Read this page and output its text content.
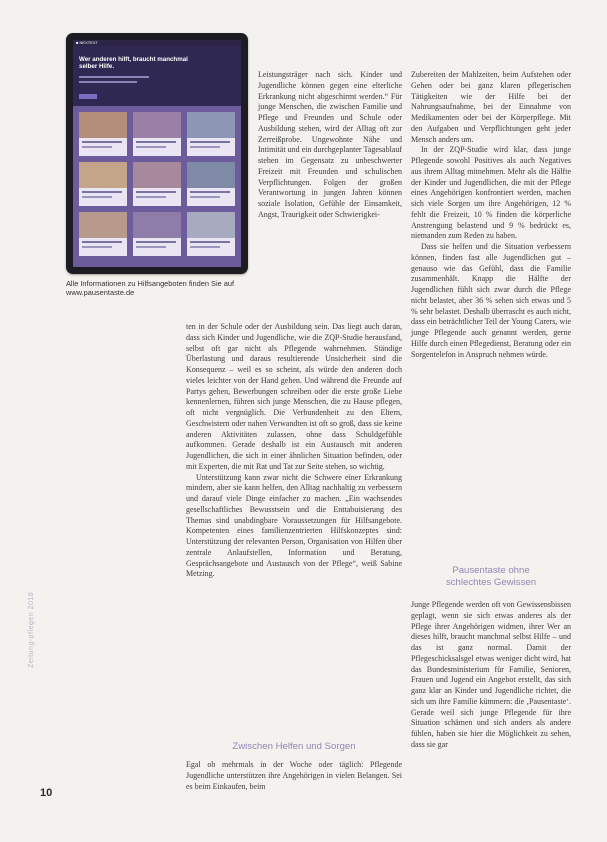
■ NEXTEXT
Wer anderen hilft, braucht manchmal selber Hilfe.
Alle Informationen zu Hilfsangeboten finden Sie auf www.pausentaste.de

Leistungsträger nach sich. Kinder und Jugendliche können gegen eine elterliche Erkrankung nicht abgeschirmt werden.“ Für junge Menschen, die zwischen Familie und Pflege und Freunden und Schule oder Ausbildung stehen, wird der Alltag oft zur Zerreißprobe. Ungewohnte Nähe und Intimität und ein durchgeplanter Tagesablauf stehen im Gegensatz zu unbeschwerter Freizeit mit Freunden und schulischen Verpflichtungen. Folgen der großen Verantwortung in jungen Jahren können soziale Isolation, Gefühle der Einsamkeit, Angst, Traurigkeit oder Schwierigkei-

ten in der Schule oder der Ausbildung sein. Das liegt auch daran, dass sich Kinder und Jugendliche, wie die ZQP-Studie herausfand, selbst oft gar nicht als Pflegende wahrnehmen. Ständige Überlastung und daraus resultierende Unsicherheit sind die Konsequenz – weil es so scheint, als würde den anderen doch vieles leichter von der Hand gehen. Und während die Freunde auf Partys gehen, Bewerbungen schreiben oder die erste große Liebe kennenlernen, führen sich junge Menschen, die zu Hause pflegen, oft nicht vergnüglich. Die Verbundenheit zu den Eltern, Geschwistern oder nahen Verwandten ist oft so groß, dass sie keine anderen Aktivitäten zulassen, ohne dass Schuldgefühle aufkommen. Gerade deshalb ist ein Austausch mit anderen Jugendlichen, die sich in einer ähnlichen Situation befinden, oder mit Experten, die mit Rat und Tat zur Seite stehen, so wichtig.

Unterstützung kann zwar nicht die Schwere einer Erkrankung mindern, aber sie kann helfen, den Alltag nachhaltig zu verbessern und darauf viele Dinge einfacher zu machen. „Ein wachsendes gesellschaftliches Bewusstsein und die Enttabuisierung des Themas sind unabdingbare Voraussetzungen für Hilfsangebote. Kompetenten eines familienzentrierten Hilfskonzeptes sind: Unterstützung der relevanten Person, Organisation von Hilfen über zentrale Anlaufstellen, Information und Beratung, Gesprächsangebote und Austausch von der Pflege“, weiß Sabine Metzing.

Zwischen Helfen und Sorgen

Egal ob mehrmals in der Woche oder täglich: Pflegende Jugendliche unterstützen ihre Angehörigen in vielen Belangen. Sei es beim Einkaufen, beim

Zubereiten der Mahlzeiten, beim Aufstehen oder Gehen oder bei ganz klaren pflegerischen Tätigkeiten wie der Hilfe bei der Nahrungsaufnahme, bei der Einnahme von Medikamenten oder bei der Körperpflege. Mit den Aufgaben und Verpflichtungen geht jeder Mensch anders um.

In der ZQP-Studie wird klar, dass junge Pflegende sowohl Positives als auch Negatives aus ihrem Alltag mitnehmen. Mehr als die Hälfte der Kinder und Jugendlichen, die mit der Pflege eines Angehörigen konfrontiert werden, machen sich viele Sorgen um ihre Angehörigen, 12 % fehlt die Freizeit, 10 % finden die körperliche Anstrengung belastend und 9 % bedrückt es, niemanden zum Reden zu haben.

Dass sie helfen und die Situation verbessern können, finden fast alle Jugendlichen gut – genauso wie das Gefühl, dass die Familie zusammenhält. Knapp die Hälfte der Jugendlichen fühlt sich zwar durch die Pflege nicht belastet, aber 36 % sehen sich etwas und 5 % sehr belastet. Deshalb überrascht es auch nicht, dass ein beträchtlicher Teil der Young Carers, wie junge Pflegende auch genannt werden, gerne Hilfe durch einen Pflegedienst, Beratung oder ein Sorgentelefon in Anspruch nehmen würde.

Pausentaste ohne
schlechtes Gewissen

Junge Pflegende werden oft von Gewissensbissen geplagt, wenn sie sich etwas anderes als der Pflege ihrer Angehörigen widmen, ihrer Wer an dieses hilft, braucht manchmal selbst Hilfe – und das ist ganz normal. Damit der Pflegeschicksalsgel etwas weniger dicht wird, hat das Bundesministerium für Familie, Senioren, Frauen und Jugend ein Angebot erstellt, das sich ganz klar an Kinder und Jugendliche richtet, die sich um ihre Familie kümmern: die ‚Pausentaste‘. Gerade weil sich junge Pflegende für ihre Situation schämen und sich anders als andere fühlen, haben sie hier die Möglichkeit zu sehen, dass sie gar

Zeitung-pflegen 2018
10
